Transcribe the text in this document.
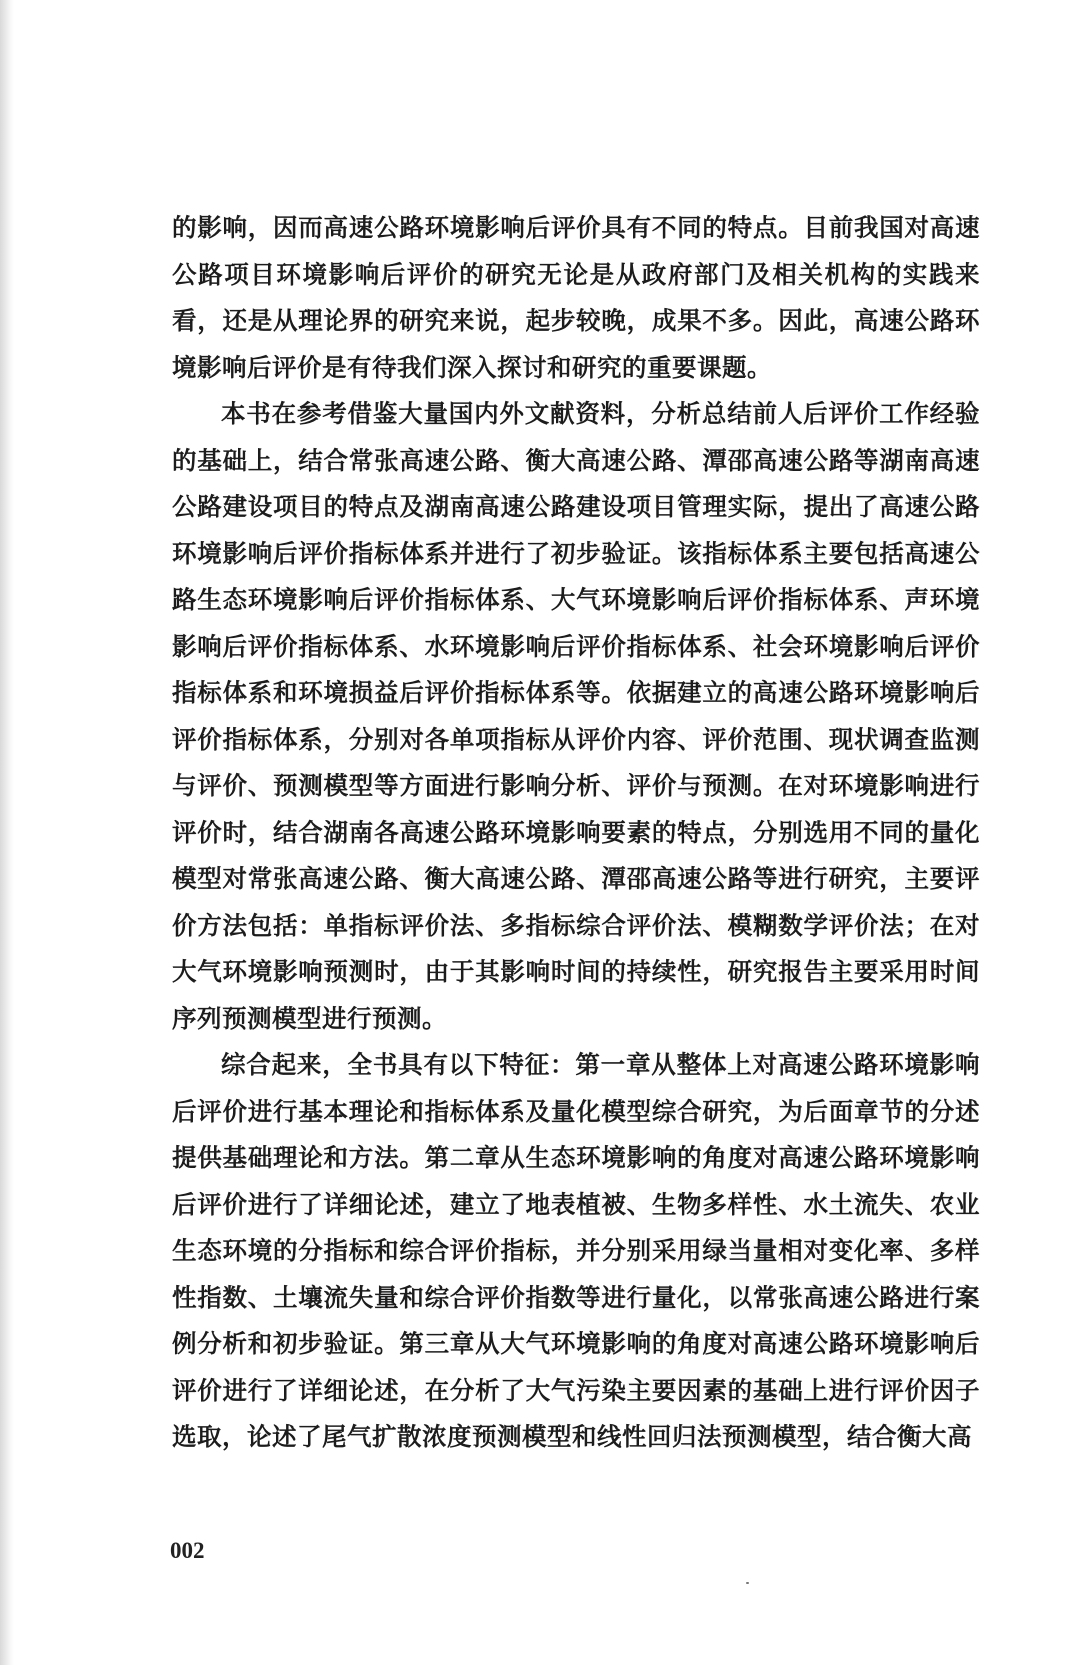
的影响，因而高速公路环境影响后评价具有不同的特点。目前我国对高速公路项目环境影响后评价的研究无论是从政府部门及相关机构的实践来看，还是从理论界的研究来说，起步较晚，成果不多。因此，高速公路环境影响后评价是有待我们深入探讨和研究的重要课题。

本书在参考借鉴大量国内外文献资料，分析总结前人后评价工作经验的基础上，结合常张高速公路、衡大高速公路、潭邵高速公路等湖南高速公路建设项目的特点及湖南高速公路建设项目管理实际，提出了高速公路环境影响后评价指标体系并进行了初步验证。该指标体系主要包括高速公路生态环境影响后评价指标体系、大气环境影响后评价指标体系、声环境影响后评价指标体系、水环境影响后评价指标体系、社会环境影响后评价指标体系和环境损益后评价指标体系等。依据建立的高速公路环境影响后评价指标体系，分别对各单项指标从评价内容、评价范围、现状调查监测与评价、预测模型等方面进行影响分析、评价与预测。在对环境影响进行评价时，结合湖南各高速公路环境影响要素的特点，分别选用不同的量化模型对常张高速公路、衡大高速公路、潭邵高速公路等进行研究，主要评价方法包括：单指标评价法、多指标综合评价法、模糊数学评价法；在对大气环境影响预测时，由于其影响时间的持续性，研究报告主要采用时间序列预测模型进行预测。

综合起来，全书具有以下特征：第一章从整体上对高速公路环境影响后评价进行基本理论和指标体系及量化模型综合研究，为后面章节的分述提供基础理论和方法。第二章从生态环境影响的角度对高速公路环境影响后评价进行了详细论述，建立了地表植被、生物多样性、水土流失、农业生态环境的分指标和综合评价指标，并分别采用绿当量相对变化率、多样性指数、土壤流失量和综合评价指数等进行量化，以常张高速公路进行案例分析和初步验证。第三章从大气环境影响的角度对高速公路环境影响后评价进行了详细论述，在分析了大气污染主要因素的基础上进行评价因子选取，论述了尾气扩散浓度预测模型和线性回归法预测模型，结合衡大高

002
